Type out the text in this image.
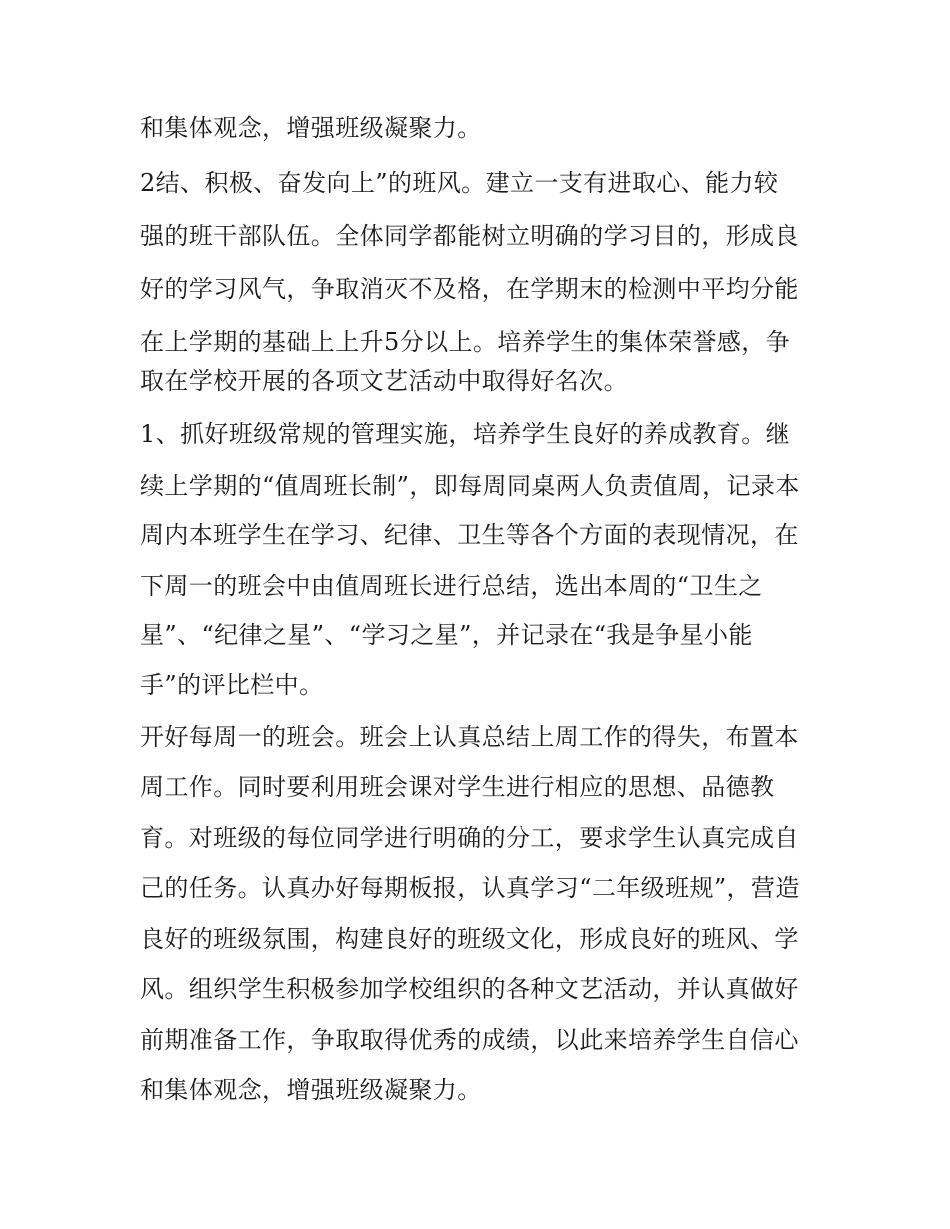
和集体观念，增强班级凝聚力。
2结、积极、奋发向上”的班风。建立一支有进取心、能力较
强的班干部队伍。全体同学都能树立明确的学习目的，形成良
好的学习风气，争取消灭不及格，在学期末的检测中平均分能
在上学期的基础上上升5分以上。培养学生的集体荣誉感，争
取在学校开展的各项文艺活动中取得好名次。
1、抓好班级常规的管理实施，培养学生良好的养成教育。继
续上学期的“值周班长制”，即每周同桌两人负责值周，记录本
周内本班学生在学习、纪律、卫生等各个方面的表现情况，在
下周一的班会中由值周班长进行总结，选出本周的“卫生之
星”、“纪律之星”、“学习之星”，并记录在“我是争星小能
手”的评比栏中。
开好每周一的班会。班会上认真总结上周工作的得失，布置本
周工作。同时要利用班会课对学生进行相应的思想、品德教
育。对班级的每位同学进行明确的分工，要求学生认真完成自
己的任务。认真办好每期板报，认真学习“二年级班规”，营造
良好的班级氛围，构建良好的班级文化，形成良好的班风、学
风。组织学生积极参加学校组织的各种文艺活动，并认真做好
前期准备工作，争取取得优秀的成绩，以此来培养学生自信心
和集体观念，增强班级凝聚力。
